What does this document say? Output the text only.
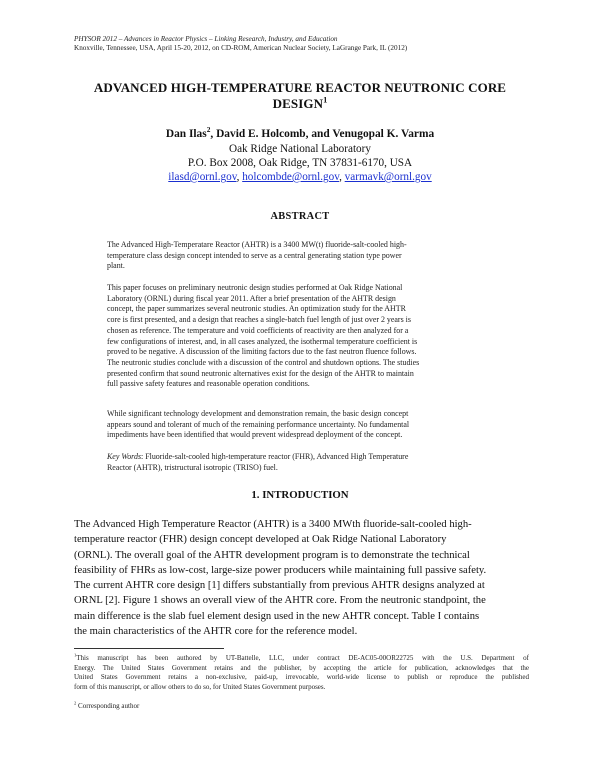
PHYSOR 2012 – Advances in Reactor Physics – Linking Research, Industry, and Education
Knoxville, Tennessee, USA, April 15-20, 2012, on CD-ROM, American Nuclear Society, LaGrange Park, IL (2012)
ADVANCED HIGH-TEMPERATURE REACTOR NEUTRONIC CORE
DESIGN$^1$
Dan Ilas$^2$, David E. Holcomb, and Venugopal K. Varma
Oak Ridge National Laboratory
P.O. Box 2008, Oak Ridge, TN 37831-6170, USA
ilasd@ornl.gov, holcombde@ornl.gov, varmavk@ornl.gov
ABSTRACT
The Advanced High-Temperatare Reactor (AHTR) is a 3400 MW(t) fluoride-salt-cooled high-
temperature class design concept intended to serve as a central generating station type power
plant.
This paper focuses on preliminary neutronic design studies performed at Oak Ridge National
Laboratory (ORNL) during fiscal year 2011. After a brief presentation of the AHTR design
concept, the paper summarizes several neutronic studies. An optimization study for the AHTR
core is first presented, and a design that reaches a single-batch fuel length of just over 2 years is
chosen as reference. The temperature and void coefficients of reactivity are then analyzed for a
few configurations of interest, and, in all cases analyzed, the isothermal temperature coefficient is
proved to be negative. A discussion of the limiting factors due to the fast neutron fluence follows.
The neutronic studies conclude with a discussion of the control and shutdown options. The studies
presented confirm that sound neutronic alternatives exist for the design of the AHTR to maintain
full passive safety features and reasonable operation conditions.
While significant technology development and demonstration remain, the basic design concept
appears sound and tolerant of much of the remaining performance uncertainty. No fundamental
impediments have been identified that would prevent widespread deployment of the concept.
Key Words: Fluoride-salt-cooled high-temperature reactor (FHR), Advanced High Temperature
Reactor (AHTR), tristructural isotropic (TRISO) fuel.
1. INTRODUCTION
The Advanced High Temperature Reactor (AHTR) is a 3400 MWth fluoride-salt-cooled high-
temperature reactor (FHR) design concept developed at Oak Ridge National Laboratory
(ORNL). The overall goal of the AHTR development program is to demonstrate the technical
feasibility of FHRs as low-cost, large-size power producers while maintaining full passive safety.
The current AHTR core design [1] differs substantially from previous AHTR designs analyzed at
ORNL [2]. Figure 1 shows an overall view of the AHTR core. From the neutronic standpoint, the
main difference is the slab fuel element design used in the new AHTR concept. Table I contains
the main characteristics of the AHTR core for the reference model.
$^1$This manuscript has been authored by UT-Battelle, LLC, under contract DE-AC05-00OR22725 with the U.S. Department of
Energy. The United States Government retains and the publisher, by accepting the article for publication, acknowledges that the
United States Government retains a non-exclusive, paid-up, irrevocable, world-wide license to publish or reproduce the published
form of this manuscript, or allow others to do so, for United States Government purposes.
$^2$ Corresponding author
